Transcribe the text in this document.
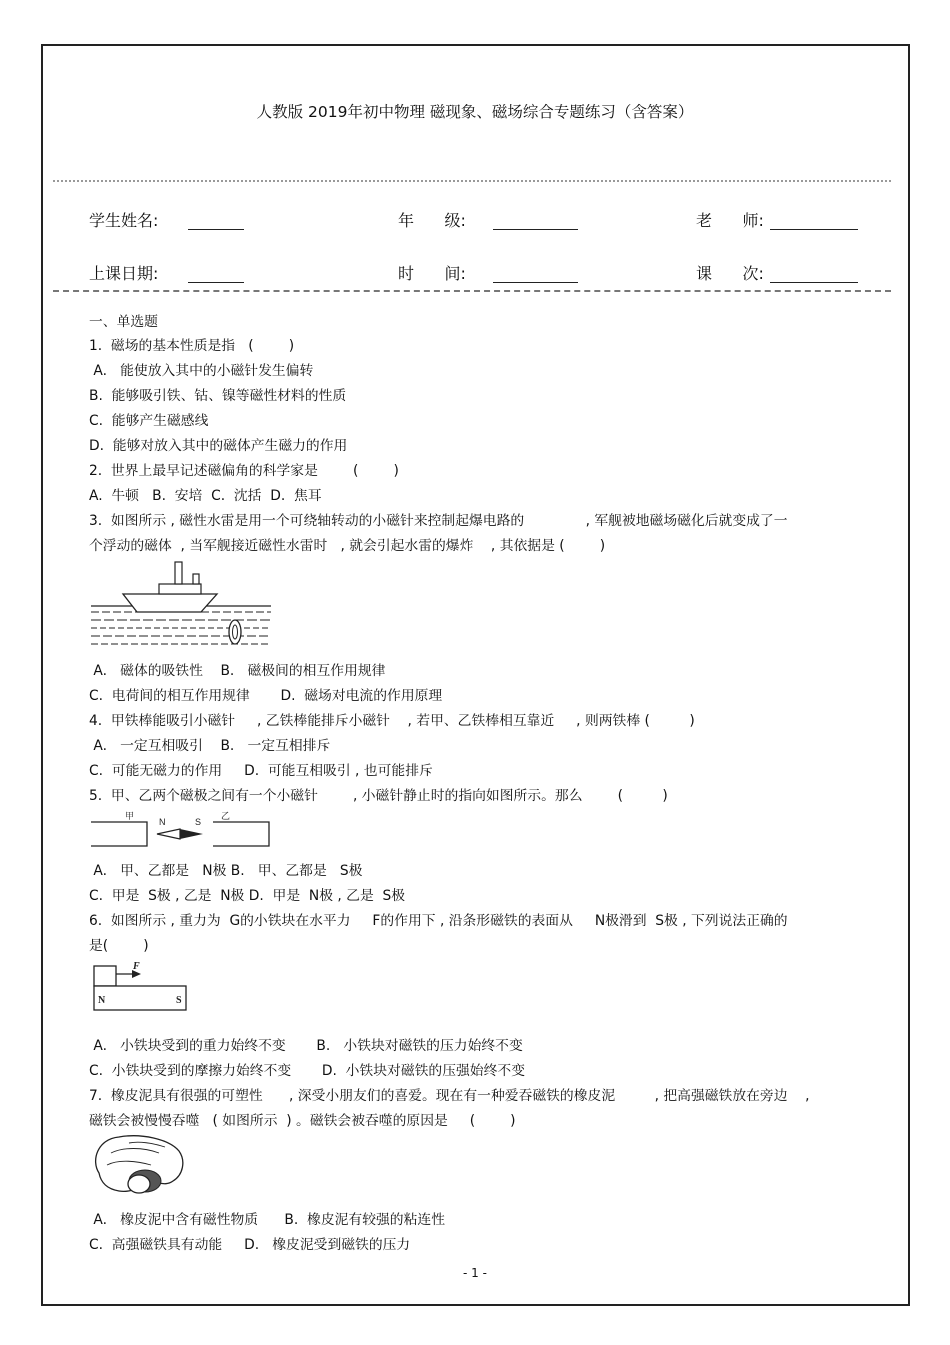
人教版 2019年初中物理 磁现象、磁场综合专题练习（含答案）
学生姓名:	年      级:	老      师:
上课日期:	时      间:	课      次:
一、单选题
1.  磁场的基本性质是指   (        )
A.   能使放入其中的小磁针发生偏转
B.  能够吸引铁、钴、镍等磁性材料的性质
C.  能够产生磁感线
D.  能够对放入其中的磁体产生磁力的作用
2.  世界上最早记述磁偏角的科学家是        (        )
A.  牛顿   B.  安培  C.  沈括  D.  焦耳
3.  如图所示 , 磁性水雷是用一个可绕轴转动的小磁针来控制起爆电路的              , 军舰被地磁场磁化后就变成了一
个浮动的磁体  , 当军舰接近磁性水雷时   , 就会引起水雷的爆炸    , 其依据是 (        )
A.   磁体的吸铁性    B.   磁极间的相互作用规律
C.  电荷间的相互作用规律       D.  磁场对电流的作用原理
4.  甲铁棒能吸引小磁针     , 乙铁棒能排斥小磁针    , 若甲、乙铁棒相互靠近     , 则两铁棒 (         )
A.   一定互相吸引    B.   一定互相排斥
C.  可能无磁力的作用     D.  可能互相吸引 , 也可能排斥
5.  甲、乙两个磁极之间有一个小磁针        , 小磁针静止时的指向如图所示。那么        (         )
甲	乙
N	S
A.   甲、乙都是   N极 B.   甲、乙都是   S极
C.  甲是  S极 , 乙是  N极 D.  甲是  N极 , 乙是  S极
6.  如图所示 , 重力为  G的小铁块在水平力     F的作用下 , 沿条形磁铁的表面从     N极滑到  S极 , 下列说法正确的
是(        )
F
N	S
A.   小铁块受到的重力始终不变       B.   小铁块对磁铁的压力始终不变
C.  小铁块受到的摩擦力始终不变       D.  小铁块对磁铁的压强始终不变
7.  橡皮泥具有很强的可塑性      , 深受小朋友们的喜爱。现在有一种爱吞磁铁的橡皮泥         , 把高强磁铁放在旁边    ,
磁铁会被慢慢吞噬   ( 如图所示  ) 。磁铁会被吞噬的原因是     (        )
A.   橡皮泥中含有磁性物质      B.  橡皮泥有较强的粘连性
C.  高强磁铁具有动能     D.   橡皮泥受到磁铁的压力
- 1 -
